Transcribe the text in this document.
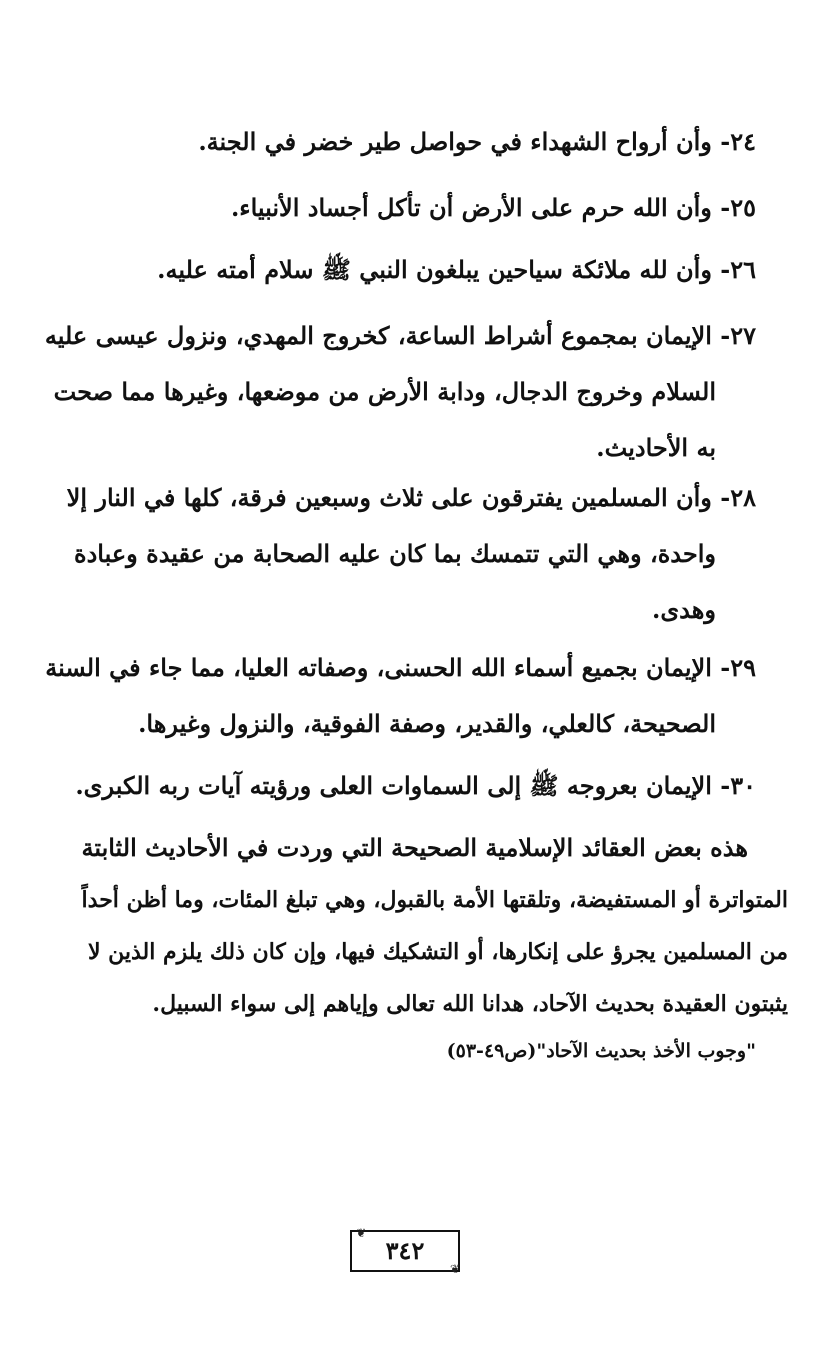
٢٤- وأن أرواح الشهداء في حواصل طير خضر في الجنة.
٢٥- وأن الله حرم على الأرض أن تأكل أجساد الأنبياء.
٢٦- وأن لله ملائكة سياحين يبلغون النبي ﷺ سلام أمته عليه.
٢٧- الإيمان بمجموع أشراط الساعة، كخروج المهدي، ونزول عيسى عليه
السلام وخروج الدجال، ودابة الأرض من موضعها، وغيرها مما صحت
به الأحاديث.
٢٨- وأن المسلمين يفترقون على ثلاث وسبعين فرقة، كلها في النار إلا
واحدة، وهي التي تتمسك بما كان عليه الصحابة من عقيدة وعبادة
وهدى.
٢٩- الإيمان بجميع أسماء الله الحسنى، وصفاته العليا، مما جاء في السنة
الصحيحة، كالعلي، والقدير، وصفة الفوقية، والنزول وغيرها.
٣٠- الإيمان بعروجه ﷺ إلى السماوات العلى ورؤيته آيات ربه الكبرى.
هذه بعض العقائد الإسلامية الصحيحة التي وردت في الأحاديث الثابتة
المتواترة أو المستفيضة، وتلقتها الأمة بالقبول، وهي تبلغ المئات، وما أظن أحداً
من المسلمين يجرؤ على إنكارها، أو التشكيك فيها، وإن كان ذلك يلزم الذين لا
يثبتون العقيدة بحديث الآحاد، هدانا الله تعالى وإياهم إلى سواء السبيل.
"وجوب الأخذ بحديث الآحاد"(ص٤٩-٥٣)
❦
❦
٣٤٢
